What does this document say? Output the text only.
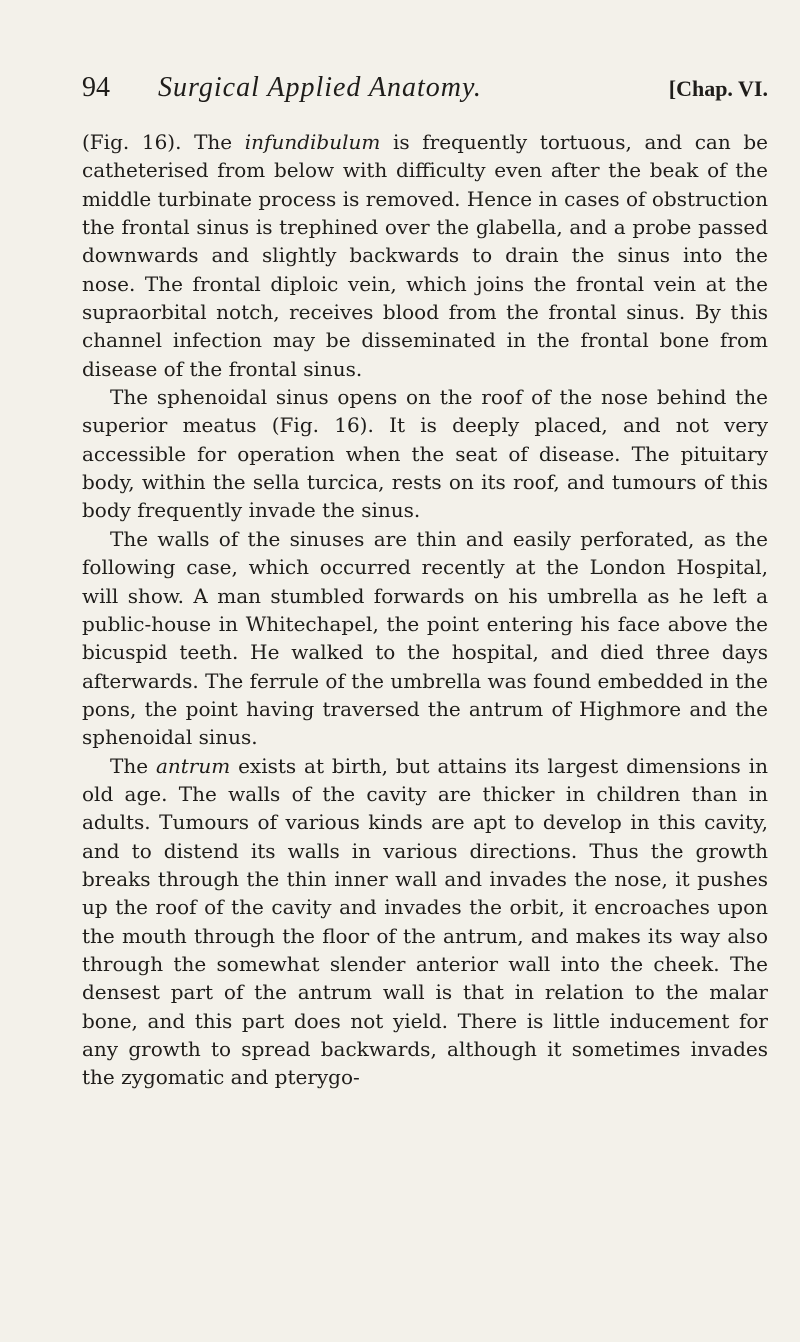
94 Surgical Applied Anatomy.	[Chap. VI.

(Fig. 16). The infundibulum is frequently tortuous, and can be catheterised from below with difficulty even after the beak of the middle turbinate process is removed. Hence in cases of obstruction the frontal sinus is trephined over the glabella, and a probe passed downwards and slightly backwards to drain the sinus into the nose. The frontal diploic vein, which joins the frontal vein at the supraorbital notch, receives blood from the frontal sinus. By this channel infection may be disseminated in the frontal bone from disease of the frontal sinus.

The sphenoidal sinus opens on the roof of the nose behind the superior meatus (Fig. 16). It is deeply placed, and not very accessible for operation when the seat of disease. The pituitary body, within the sella turcica, rests on its roof, and tumours of this body frequently invade the sinus.

The walls of the sinuses are thin and easily perforated, as the following case, which occurred recently at the London Hospital, will show. A man stumbled forwards on his umbrella as he left a public-house in Whitechapel, the point entering his face above the bicuspid teeth. He walked to the hospital, and died three days afterwards. The ferrule of the umbrella was found embedded in the pons, the point having traversed the antrum of Highmore and the sphenoidal sinus.

The antrum exists at birth, but attains its largest dimensions in old age. The walls of the cavity are thicker in children than in adults. Tumours of various kinds are apt to develop in this cavity, and to distend its walls in various directions. Thus the growth breaks through the thin inner wall and invades the nose, it pushes up the roof of the cavity and invades the orbit, it encroaches upon the mouth through the floor of the antrum, and makes its way also through the somewhat slender anterior wall into the cheek. The densest part of the antrum wall is that in relation to the malar bone, and this part does not yield. There is little inducement for any growth to spread backwards, although it sometimes invades the zygomatic and pterygo-
